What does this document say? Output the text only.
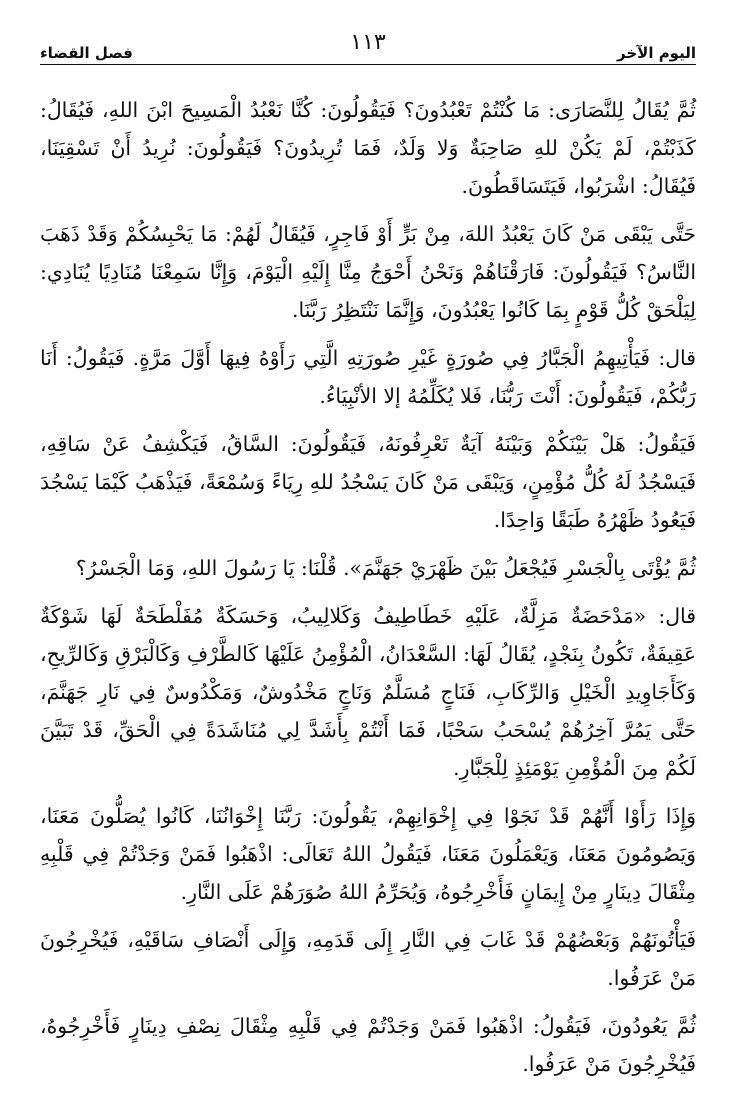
اليوم الآخر
١١٣
فصل القضاء

ثُمَّ يُقَالُ لِلنَّصَارَى: مَا كُنْتُمْ تَعْبُدُونَ؟ فَيَقُولُونَ: كُنَّا نَعْبُدُ الْمَسِيحَ ابْنَ اللهِ، فَيُقَالُ: كَذَبْتُمْ، لَمْ يَكُنْ للهِ صَاحِبَةٌ وَلا وَلَدٌ، فَمَا تُرِيدُونَ؟ فَيَقُولُونَ: نُرِيدُ أَنْ تَسْقِيَنَا، فَيُقَالُ: اشْرَبُوا، فَيَتَسَاقَطُونَ.

حَتَّى يَبْقَى مَنْ كَانَ يَعْبُدُ اللهَ، مِنْ بَرٍّ أَوْ فَاجِرٍ، فَيُقَالُ لَهُمْ: مَا يَحْبِسُكُمْ وَقَدْ ذَهَبَ النَّاسُ؟ فَيَقُولُونَ: فَارَقْنَاهُمْ وَنَحْنُ أَحْوَجُ مِنَّا إِلَيْهِ الْيَوْمَ، وَإِنَّا سَمِعْنَا مُنَادِيًا يُنَادِي: لِيَلْحَقْ كُلُّ قَوْمٍ بِمَا كَانُوا يَعْبُدُونَ، وَإِنَّمَا نَنْتَظِرُ رَبَّنَا.

قال: فَيَأْتِيهِمُ الْجَبَّارُ فِي صُورَةٍ غَيْرِ صُورَتِهِ الَّتِي رَأَوْهُ فِيهَا أَوَّلَ مَرَّةٍ. فَيَقُولُ: أَنَا رَبُّكُمْ، فَيَقُولُونَ: أَنْتَ رَبُّنَا، فَلا يُكَلِّمُهُ إلا الأنْبِيَاءُ.

فَيَقُولُ: هَلْ بَيْنَكُمْ وَبَيْنَهُ آيَةٌ تَعْرِفُونَهُ، فَيَقُولُونَ: السَّاقُ، فَيَكْشِفُ عَنْ سَاقِهِ، فَيَسْجُدُ لَهُ كُلُّ مُؤْمِنٍ، وَيَبْقَى مَنْ كَانَ يَسْجُدُ للهِ رِيَاءً وَسُمْعَةً، فَيَذْهَبُ كَيْمَا يَسْجُدَ فَيَعُودُ ظَهْرُهُ طَبَقًا وَاحِدًا.

ثُمَّ يُؤْتَى بِالْجَسْرِ فَيُجْعَلُ بَيْنَ ظَهْرَيْ جَهَنَّمَ». قُلْنَا: يَا رَسُولَ اللهِ، وَمَا الْجَسْرُ؟

قال: «مَدْحَضَةٌ مَزِلَّةٌ، عَلَيْهِ خَطَاطِيفُ وَكَلالِيبُ، وَحَسَكَةٌ مُفَلْطَحَةٌ لَهَا شَوْكَةٌ عَقِيفَةٌ، تَكُونُ بِنَجْدٍ، يُقَالُ لَهَا: السَّعْدَانُ، الْمُؤْمِنُ عَلَيْهَا كَالطَّرْفِ وَكَالْبَرْقِ وَكَالرِّيحِ، وَكَأَجَاوِيدِ الْخَيْلِ وَالرِّكَابِ، فَنَاجٍ مُسَلَّمٌ وَنَاجٍ مَخْدُوشٌ، وَمَكْدُوسٌ فِي نَارِ جَهَنَّمَ، حَتَّى يَمُرَّ آخِرُهُمْ يُسْحَبُ سَحْبًا، فَمَا أَنْتُمْ بِأَشَدَّ لِي مُنَاشَدَةً فِي الْحَقِّ، قَدْ تَبَيَّنَ لَكُمْ مِنَ الْمُؤْمِنِ يَوْمَئِذٍ لِلْجَبَّارِ.

وَإِذَا رَأَوْا أَنَّهُمْ قَدْ نَجَوْا فِي إِخْوَانِهِمْ، يَقُولُونَ: رَبَّنَا إِخْوَانُنَا، كَانُوا يُصَلُّونَ مَعَنَا، وَيَصُومُونَ مَعَنَا، وَيَعْمَلُونَ مَعَنَا، فَيَقُولُ اللهُ تَعَالَى: اذْهَبُوا فَمَنْ وَجَدْتُمْ فِي قَلْبِهِ مِثْقَالَ دِينَارٍ مِنْ إِيمَانٍ فَأَخْرِجُوهُ، وَيُحَرِّمُ اللهُ صُوَرَهُمْ عَلَى النَّارِ.

فَيَأْتُونَهُمْ وَبَعْضُهُمْ قَدْ غَابَ فِي النَّارِ إِلَى قَدَمِهِ، وَإِلَى أَنْصَافِ سَاقَيْهِ، فَيُخْرِجُونَ مَنْ عَرَفُوا.

ثُمَّ يَعُودُونَ، فَيَقُولُ: اذْهَبُوا فَمَنْ وَجَدْتُمْ فِي قَلْبِهِ مِثْقَالَ نِصْفِ دِينَارٍ فَأَخْرِجُوهُ، فَيُخْرِجُونَ مَنْ عَرَفُوا.
